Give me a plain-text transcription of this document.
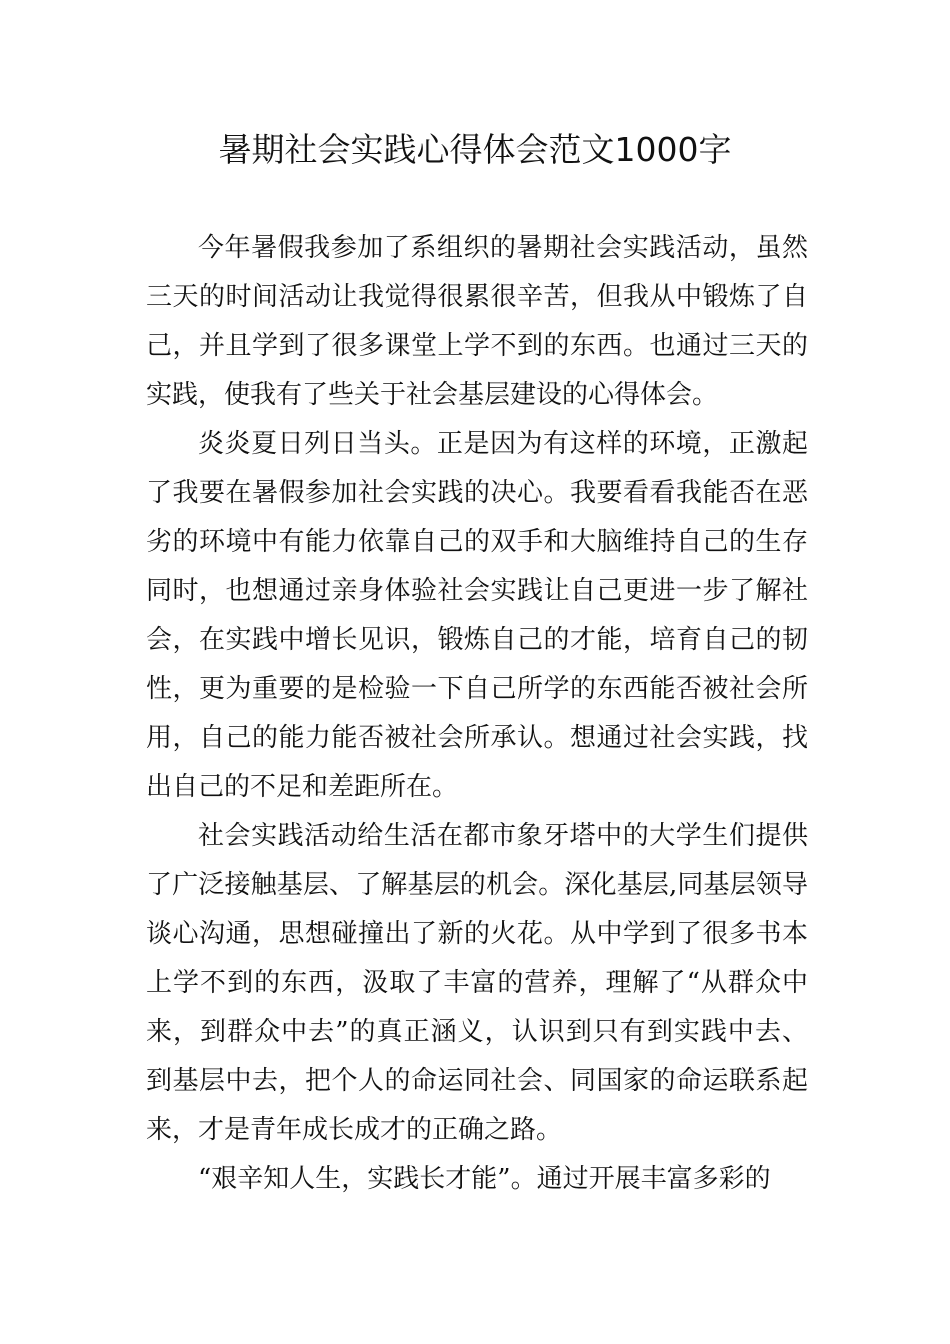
暑期社会实践心得体会范文1000字

今年暑假我参加了系组织的暑期社会实践活动，虽然三天的时间活动让我觉得很累很辛苦，但我从中锻炼了自己，并且学到了很多课堂上学不到的东西。也通过三天的实践，使我有了些关于社会基层建设的心得体会。

炎炎夏日列日当头。正是因为有这样的环境，正激起了我要在暑假参加社会实践的决心。我要看看我能否在恶劣的环境中有能力依靠自己的双手和大脑维持自己的生存同时，也想通过亲身体验社会实践让自己更进一步了解社会，在实践中增长见识，锻炼自己的才能，培育自己的韧性，更为重要的是检验一下自己所学的东西能否被社会所用，自己的能力能否被社会所承认。想通过社会实践，找出自己的不足和差距所在。

社会实践活动给生活在都市象牙塔中的大学生们提供了广泛接触基层、了解基层的机会。深化基层,同基层领导谈心沟通，思想碰撞出了新的火花。从中学到了很多书本上学不到的东西，汲取了丰富的营养，理解了“从群众中来，到群众中去”的真正涵义，认识到只有到实践中去、到基层中去，把个人的命运同社会、同国家的命运联系起来，才是青年成长成才的正确之路。

“艰辛知人生，实践长才能”。通过开展丰富多彩的
